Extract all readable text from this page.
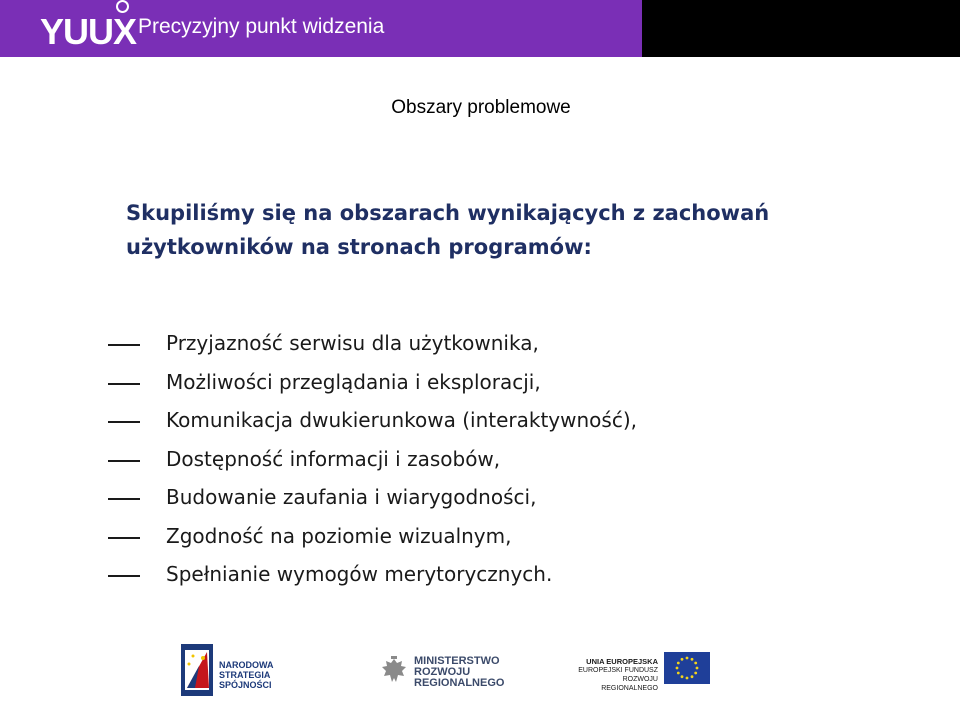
YUUX Precyzyjny punkt widzenia
Obszary problemowe
Skupiliśmy się na obszarach wynikających z zachowań
użytkowników na stronach programów:
Przyjazność serwisu dla użytkownika,
Możliwości przeglądania i eksploracji,
Komunikacja dwukierunkowa (interaktywność),
Dostępność informacji i zasobów,
Budowanie zaufania i wiarygodności,
Zgodność na poziomie wizualnym,
Spełnianie wymogów merytorycznych.
NARODOWA
STRATEGIA SPÓJNOŚCI
MINISTERSTWO
ROZWOJU
REGIONALNEGO
UNIA EUROPEJSKA
EUROPEJSKI FUNDUSZ
ROZWOJU REGIONALNEGO
